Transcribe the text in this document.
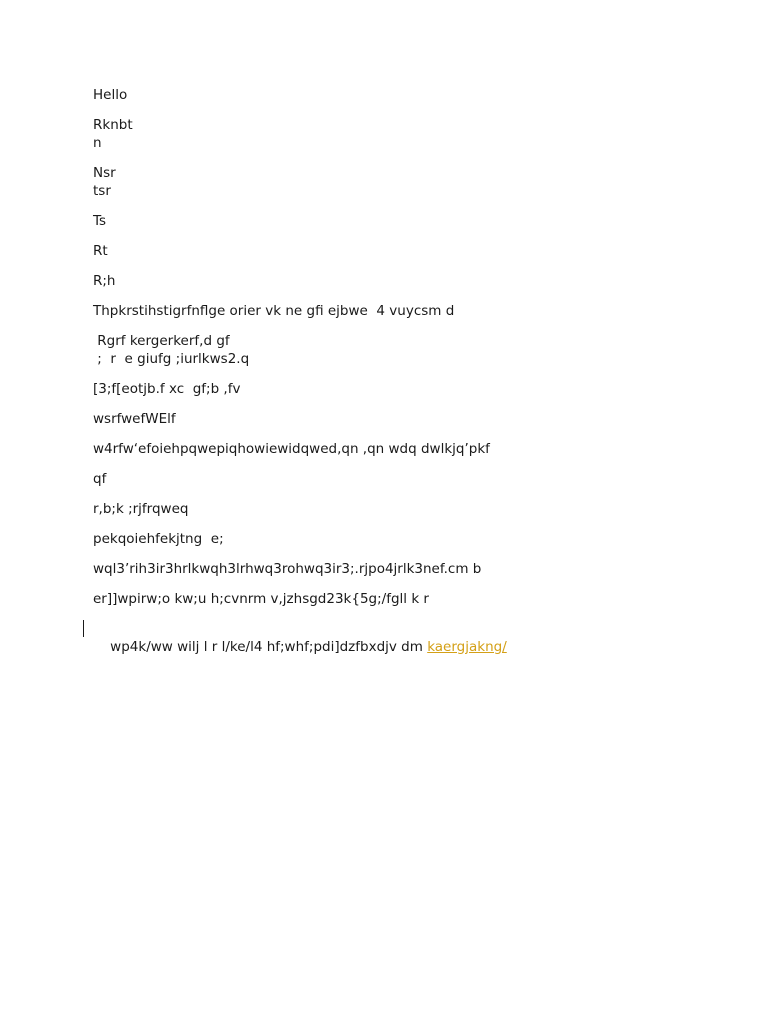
Hello

Rknbt
n

Nsr
tsr

Ts

Rt

R;h

Thpkrstihstigrfnflge orier vk ne gfi ejbwe  4 vuycsm d

Rgrf kergerkerf,d gf
;  r  e giufg ;iurlkws2.q

[3;f[eotjb.f xc  gf;b ,fv

wsrfwefWElf

w4rfw‘efoiehpqwepiqhowiewidqwed,qn ,qn wdq dwlkjq’pkf

qf

r,b;k ;rjfrqweq

pekqoiehfekjtng  e;

wql3’rih3ir3hrlkwqh3lrhwq3rohwq3ir3;.rjpo4jrlk3nef.cm b

er]]wpirw;o kw;u h;cvnrm v,jzhsgd23k{5g;/fgll k r

wp4k/ww wilj l r l/ke/l4 hf;whf;pdi]dzfbxdjv dm kaergjakng/
